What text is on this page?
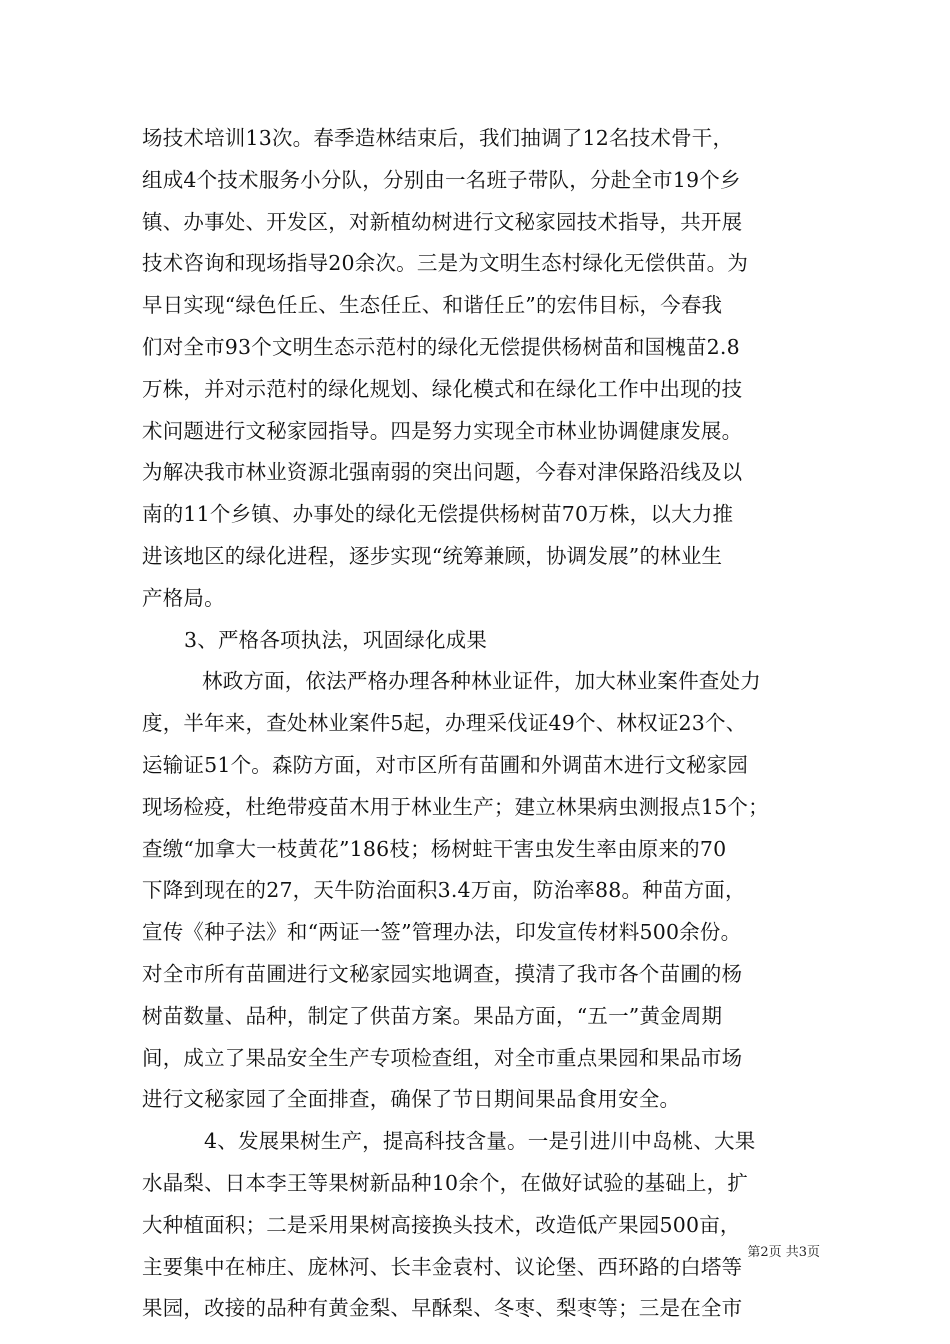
场技术培训13次。春季造林结束后，我们抽调了12名技术骨干，
组成4个技术服务小分队，分别由一名班子带队，分赴全市19个乡
镇、办事处、开发区，对新植幼树进行文秘家园技术指导，共开展
技术咨询和现场指导20余次。三是为文明生态村绿化无偿供苗。为
早日实现“绿色任丘、生态任丘、和谐任丘”的宏伟目标，今春我
们对全市93个文明生态示范村的绿化无偿提供杨树苗和国槐苗2.8
万株，并对示范村的绿化规划、绿化模式和在绿化工作中出现的技
术问题进行文秘家园指导。四是努力实现全市林业协调健康发展。
为解决我市林业资源北强南弱的突出问题，今春对津保路沿线及以
南的11个乡镇、办事处的绿化无偿提供杨树苗70万株，以大力推
进该地区的绿化进程，逐步实现“统筹兼顾，协调发展”的林业生
产格局。
3、严格各项执法，巩固绿化成果
林政方面，依法严格办理各种林业证件，加大林业案件查处力
度，半年来，查处林业案件5起，办理采伐证49个、林权证23个、
运输证51个。森防方面，对市区所有苗圃和外调苗木进行文秘家园
现场检疫，杜绝带疫苗木用于林业生产；建立林果病虫测报点15个；
查缴“加拿大一枝黄花”186枝；杨树蛀干害虫发生率由原来的70
下降到现在的27，天牛防治面积3.4万亩，防治率88。种苗方面，
宣传《种子法》和“两证一签”管理办法，印发宣传材料500余份。
对全市所有苗圃进行文秘家园实地调查，摸清了我市各个苗圃的杨
树苗数量、品种，制定了供苗方案。果品方面，“五一”黄金周期
间，成立了果品安全生产专项检查组，对全市重点果园和果品市场
进行文秘家园了全面排查，确保了节日期间果品食用安全。
4、发展果树生产，提高科技含量。一是引进川中岛桃、大果
水晶梨、日本李王等果树新品种10余个，在做好试验的基础上，扩
大种植面积；二是采用果树高接换头技术，改造低产果园500亩，
主要集中在柿庄、庞林河、长丰金袁村、议论堡、西环路的白塔等
果园，改接的品种有黄金梨、早酥梨、冬枣、梨枣等；三是在全市
第2页 共3页
